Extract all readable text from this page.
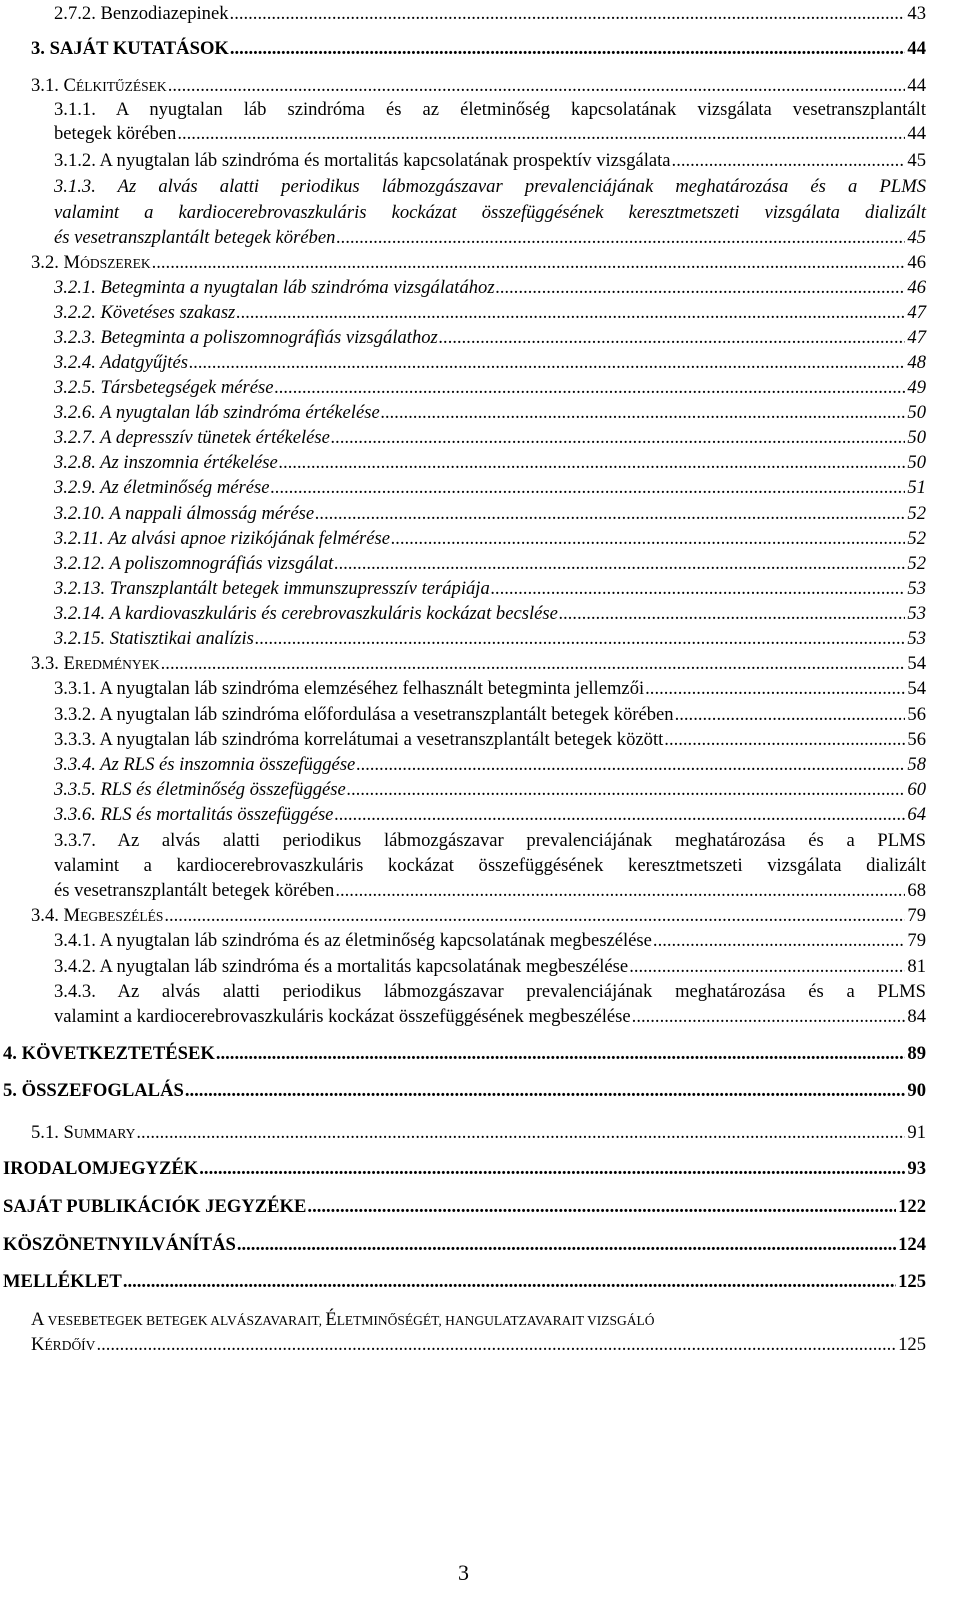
2.7.2. Benzodiazepinek .....	43
3. SAJÁT KUTATÁSOK .....	44
3.1. CÉLKITŰZÉSEK .....	44
3.1.1. A nyugtalan láb szindróma és az életminőség kapcsolatának vizsgálata vesetranszplantált
betegek körében .....	44
3.1.2. A nyugtalan láb szindróma és mortalitás kapcsolatának prospektív vizsgálata .....	45
3.1.3. Az alvás alatti periodikus lábmozgászavar prevalenciájának meghatározása és a PLMS
valamint a kardiocerebrovaszkuláris kockázat összefüggésének keresztmetszeti vizsgálata dializált
és vesetranszplantált betegek körében .....	45
3.2. MÓDSZEREK .....	46
3.2.1. Betegminta a nyugtalan láb szindróma vizsgálatához .....	46
3.2.2. Követéses szakasz .....	47
3.2.3. Betegminta a poliszomnográfiás vizsgálathoz .....	47
3.2.4. Adatgyűjtés .....	48
3.2.5. Társbetegségek mérése .....	49
3.2.6. A nyugtalan láb szindróma értékelése .....	50
3.2.7. A depresszív tünetek értékelése .....	50
3.2.8. Az inszomnia értékelése .....	50
3.2.9. Az életminőség mérése .....	51
3.2.10. A nappali álmosság mérése .....	52
3.2.11. Az alvási apnoe rizikójának felmérése .....	52
3.2.12. A poliszomnográfiás vizsgálat .....	52
3.2.13. Transzplantált betegek immunszupresszív terápiája .....	53
3.2.14. A kardiovaszkuláris és cerebrovaszkuláris kockázat becslése .....	53
3.2.15. Statisztikai analízis .....	53
3.3. EREDMÉNYEK .....	54
3.3.1. A nyugtalan láb szindróma elemzéséhez felhasznált betegminta jellemzői .....	54
3.3.2. A nyugtalan láb szindróma előfordulása a vesetranszplantált betegek körében .....	56
3.3.3. A nyugtalan láb szindróma korrelátumai a vesetranszplantált betegek között .....	56
3.3.4. Az RLS és inszomnia összefüggése .....	58
3.3.5. RLS és életminőség összefüggése .....	60
3.3.6. RLS és mortalitás összefüggése .....	64
3.3.7. Az alvás alatti periodikus lábmozgászavar prevalenciájának meghatározása és a PLMS
valamint a kardiocerebrovaszkuláris kockázat összefüggésének keresztmetszeti vizsgálata dializált
és vesetranszplantált betegek körében .....	68
3.4. MEGBESZÉLÉS .....	79
3.4.1. A nyugtalan láb szindróma és az életminőség kapcsolatának megbeszélése .....	79
3.4.2. A nyugtalan láb szindróma és a mortalitás kapcsolatának megbeszélése .....	81
3.4.3. Az alvás alatti periodikus lábmozgászavar prevalenciájának meghatározása és a PLMS
valamint a kardiocerebrovaszkuláris kockázat összefüggésének megbeszélése .....	84
4. KÖVETKEZTETÉSEK .....	89
5. ÖSSZEFOGLALÁS .....	90
5.1. SUMMARY .....	91
IRODALOMJEGYZÉK .....	93
SAJÁT PUBLIKÁCIÓK JEGYZÉKE .....	122
KÖSZÖNETNYILVÁNÍTÁS .....	124
MELLÉKLET .....	125
A VESEBETEGEK BETEGEK ALVÁSZAVARAIT, ÉLETMINŐSÉGÉT, HANGULATZAVARAIT VIZSGÁLÓ
KÉRDŐÍV .....	125
3
